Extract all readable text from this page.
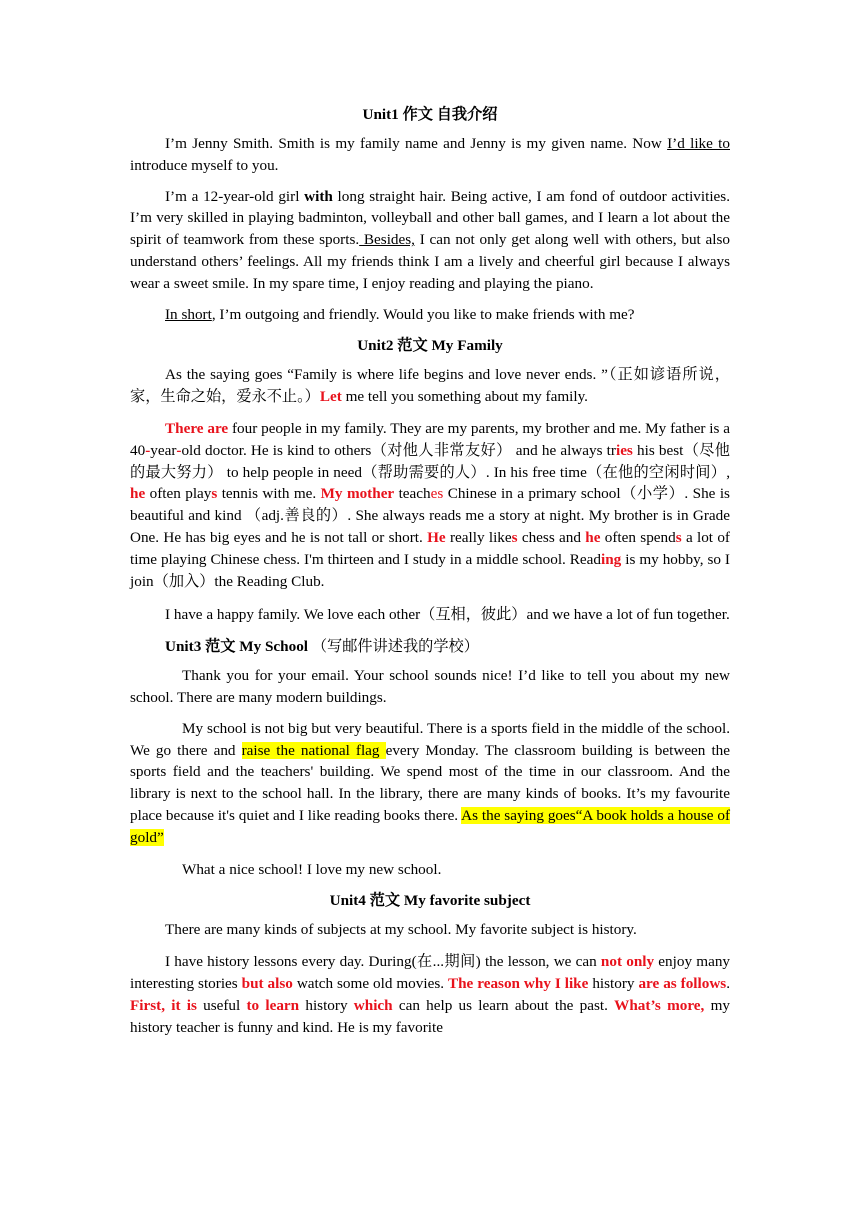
Unit1 作文 自我介绍

I’m Jenny Smith. Smith is my family name and Jenny is my given name. Now I’d like to introduce myself to you.

I’m a 12-year-old girl with long straight hair. Being active, I am fond of outdoor activities. I’m very skilled in playing badminton, volleyball and other ball games, and I learn a lot about the spirit of teamwork from these sports. Besides, I can not only get along well with others, but also understand others’ feelings. All my friends think I am a lively and cheerful girl because I always wear a sweet smile. In my spare time, I enjoy reading and playing the piano.

In short, I’m outgoing and friendly. Would you like to make friends with me?

Unit2 范文 My Family

As the saying goes “Family is where life begins and love never ends. ”（正如谚语所说，家，生命之始，爱永不止。）Let me tell you something about my family.

There are four people in my family. They are my parents, my brother and me. My father is a 40-year-old doctor. He is kind to others（对他人非常友好） and he always tries his best（尽他的最大努力） to help people in need（帮助需要的人）. In his free time（在他的空闲时间）, he often plays tennis with me. My mother teaches Chinese in a primary school（小学）. She is beautiful and kind （adj.善良的）. She always reads me a story at night. My brother is in Grade One. He has big eyes and he is not tall or short. He really likes chess and he often spends a lot of time playing Chinese chess. I'm thirteen and I study in a middle school. Reading is my hobby, so I join（加入）the Reading Club.

I have a happy family. We love each other（互相，彼此）and we have a lot of fun together.

Unit3 范文 My School （写邮件讲述我的学校）

Thank you for your email. Your school sounds nice! I’d like to tell you about my new school. There are many modern buildings.

My school is not big but very beautiful. There is a sports field in the middle of the school. We go there and raise the national flag every Monday. The classroom building is between the sports field and the teachers' building. We spend most of the time in our classroom. And the library is next to the school hall. In the library, there are many kinds of books. It’s my favourite place because it's quiet and I like reading books there. As the saying goes“A book holds a house of gold”

What a nice school! I love my new school.

Unit4 范文 My favorite subject

There are many kinds of subjects at my school. My favorite subject is history.

I have history lessons every day. During(在...期间) the lesson, we can not only enjoy many interesting stories but also watch some old movies. The reason why I like history are as follows. First, it is useful to learn history which can help us learn about the past. What’s more, my history teacher is funny and kind. He is my favorite
